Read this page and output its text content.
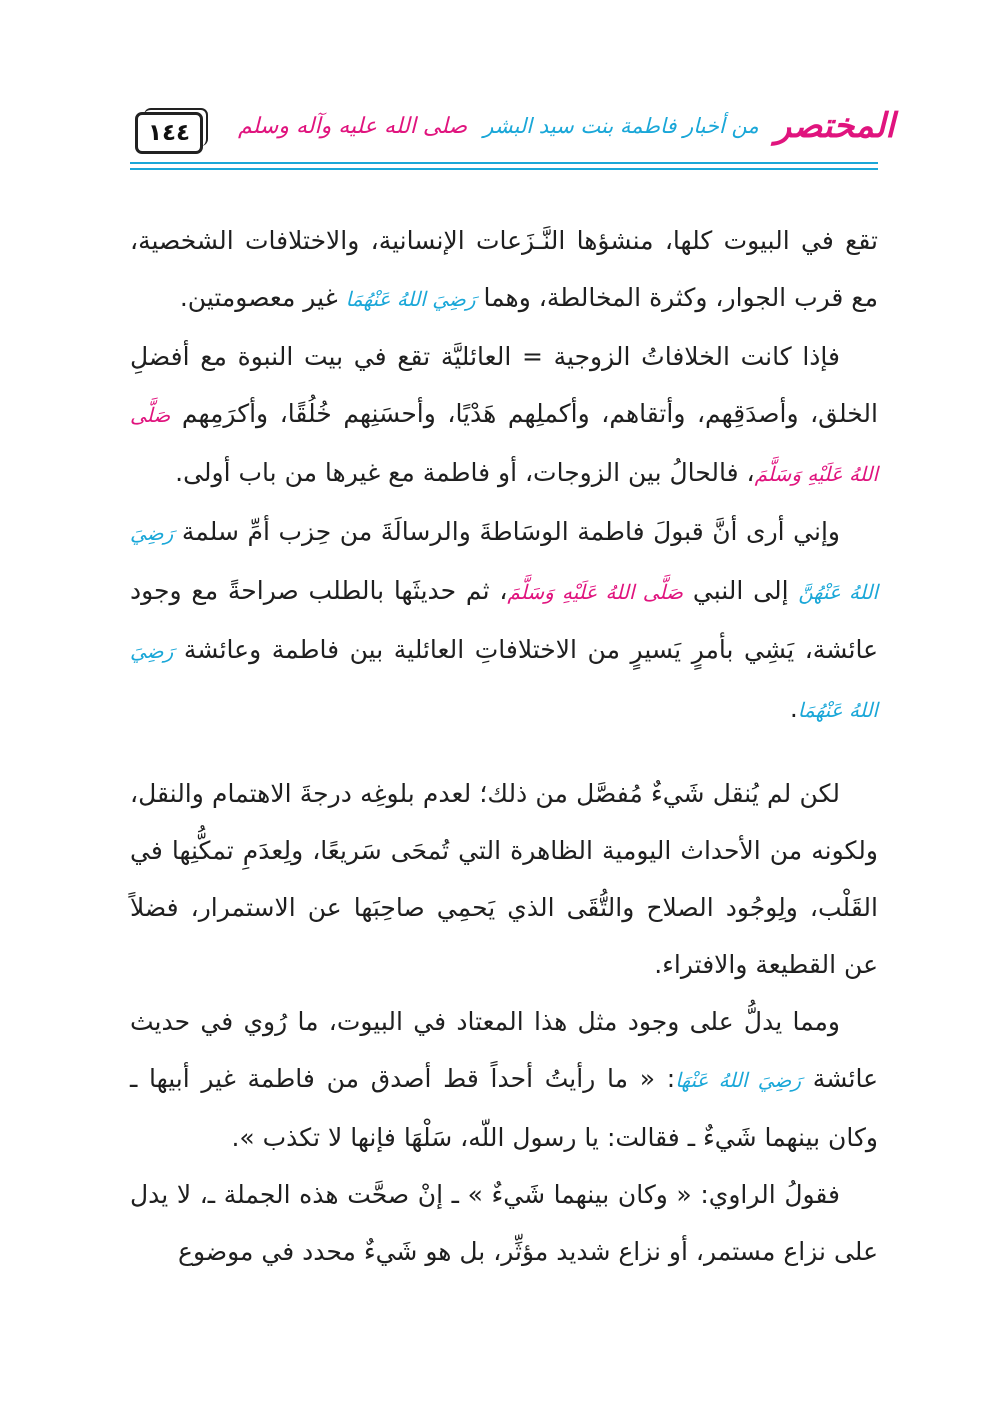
المختصر
من أخبار فاطمة بنت سيد البشر
صلى الله عليه وآله وسلم
١٤٤

تقع في البيوت كلها، منشؤها النَّـزَعات الإنسانية، والاختلافات الشخصية، مع قرب الجوار، وكثرة المخالطة، وهما رَضِيَ اللهُ عَنْهُمَا غير معصومتين.

فإذا كانت الخلافاتُ الزوجية = العائليَّة تقع في بيت النبوة مع أفضلِ الخلق، وأصدَقِهم، وأتقاهم، وأكملِهم هَدْيًا، وأحسَنِهم خُلُقًا، وأكرَمِهم صَلَّى اللهُ عَلَيْهِ وَسَلَّمَ، فالحالُ بين الزوجات، أو فاطمة مع غيرها من باب أولى.

وإني أرى أنَّ قبولَ فاطمة الوسَاطةَ والرسالَةَ من حِزب أمِّ سلمة رَضِيَ اللهُ عَنْهُنَّ إلى النبي صَلَّى اللهُ عَلَيْهِ وَسَلَّمَ، ثم حديثَها بالطلب صراحةً مع وجود عائشة، يَشِي بأمرٍ يَسيرٍ من الاختلافاتِ العائلية بين فاطمة وعائشة رَضِيَ اللهُ عَنْهُمَا.

لكن لم يُنقل شَيءٌ مُفصَّل من ذلك؛ لعدم بلوغِه درجةَ الاهتمام والنقل، ولكونه من الأحداث اليومية الظاهرة التي تُمحَى سَريعًا، ولِعدَمِ تمكُّنِها في القَلْب، ولِوجُود الصلاح والتُّقَى الذي يَحمِي صاحِبَها عن الاستمرار، فضلاً عن القطيعة والافتراء.

ومما يدلُّ على وجود مثل هذا المعتاد في البيوت، ما رُوي في حديث عائشة رَضِيَ اللهُ عَنْهَا: « ما رأيتُ أحداً قط أصدق من فاطمة غير أبيها ـ وكان بينهما شَيءٌ ـ فقالت: يا رسول اللّه، سَلْهَا فإنها لا تكذب ».

فقولُ الراوي: « وكان بينهما شَيءٌ » ـ إنْ صحَّت هذه الجملة ـ، لا يدل على نزاع مستمر، أو نزاع شديد مؤثِّر، بل هو شَيءٌ محدد في موضوع
